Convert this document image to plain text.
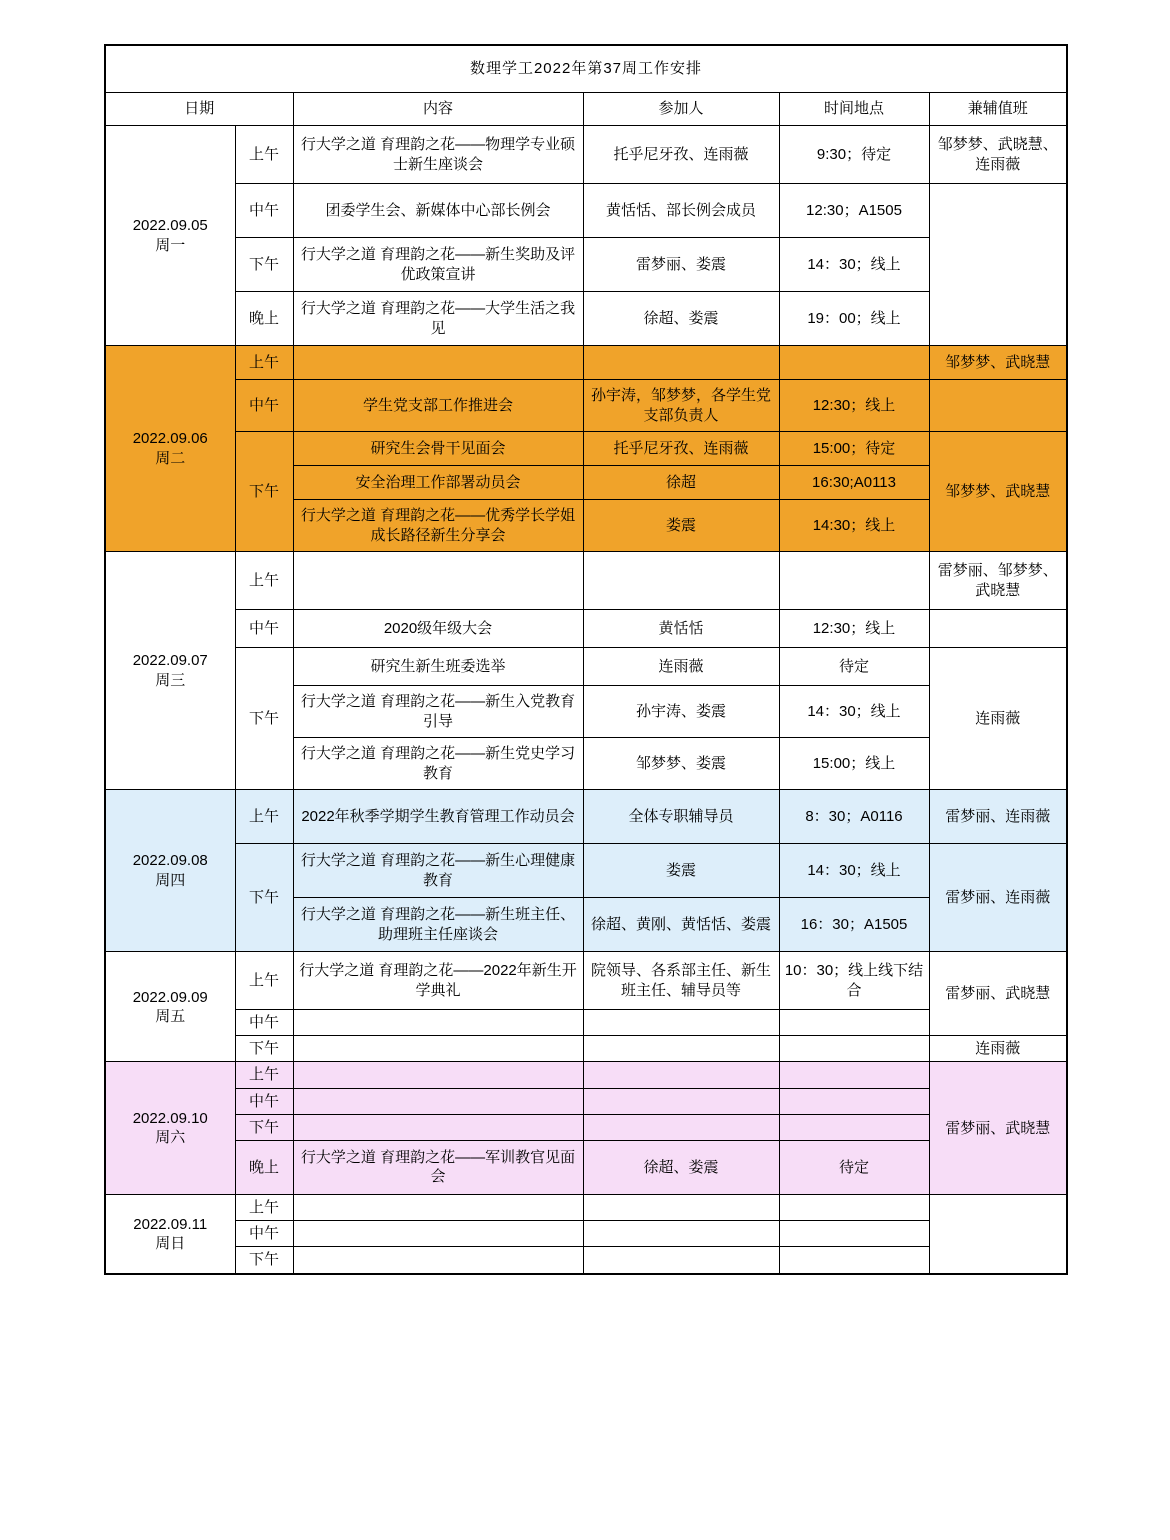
数理学工2022年第37周工作安排					
日期		内容	参加人	时间地点	兼辅值班

2022.09.05
周一	上午	行大学之道 育理韵之花——物理学专业硕士新生座谈会	托乎尼牙孜、连雨薇	9:30；待定	邹梦梦、武晓慧、连雨薇
	中午	团委学生会、新媒体中心部长例会	黄恬恬、部长例会成员	12:30；A1505	
	下午	行大学之道 育理韵之花——新生奖助及评优政策宣讲	雷梦丽、娄震	14：30；线上	
	晚上	行大学之道 育理韵之花——大学生活之我见	徐超、娄震	19：00；线上	

2022.09.06
周二	上午				邹梦梦、武晓慧
	中午	学生党支部工作推进会	孙宇涛，邹梦梦，各学生党支部负责人	12:30；线上	
	下午	研究生会骨干见面会	托乎尼牙孜、连雨薇	15:00；待定	邹梦梦、武晓慧
		安全治理工作部署动员会	徐超	16:30;A0113	
		行大学之道 育理韵之花——优秀学长学姐成长路径新生分享会	娄震	14:30；线上	

2022.09.07
周三	上午				雷梦丽、邹梦梦、武晓慧
	中午	2020级年级大会	黄恬恬	12:30；线上	
	下午	研究生新生班委选举	连雨薇	待定	连雨薇
		行大学之道 育理韵之花——新生入党教育引导	孙宇涛、娄震	14：30；线上	
		行大学之道 育理韵之花——新生党史学习教育	邹梦梦、娄震	15:00；线上	

2022.09.08
周四	上午	2022年秋季学期学生教育管理工作动员会	全体专职辅导员	8：30；A0116	雷梦丽、连雨薇
	下午	行大学之道 育理韵之花——新生心理健康教育	娄震	14：30；线上	雷梦丽、连雨薇
		行大学之道 育理韵之花——新生班主任、助理班主任座谈会	徐超、黄刚、黄恬恬、娄震	16：30；A1505	

2022.09.09
周五	上午	行大学之道 育理韵之花——2022年新生开学典礼	院领导、各系部主任、新生班主任、辅导员等	10：30；线上线下结合	雷梦丽、武晓慧
	中午				
	下午				连雨薇

2022.09.10
周六	上午				雷梦丽、武晓慧
	中午				
	下午				
	晚上	行大学之道 育理韵之花——军训教官见面会	徐超、娄震	待定	

2022.09.11
周日	上午				
	中午				
	下午				
